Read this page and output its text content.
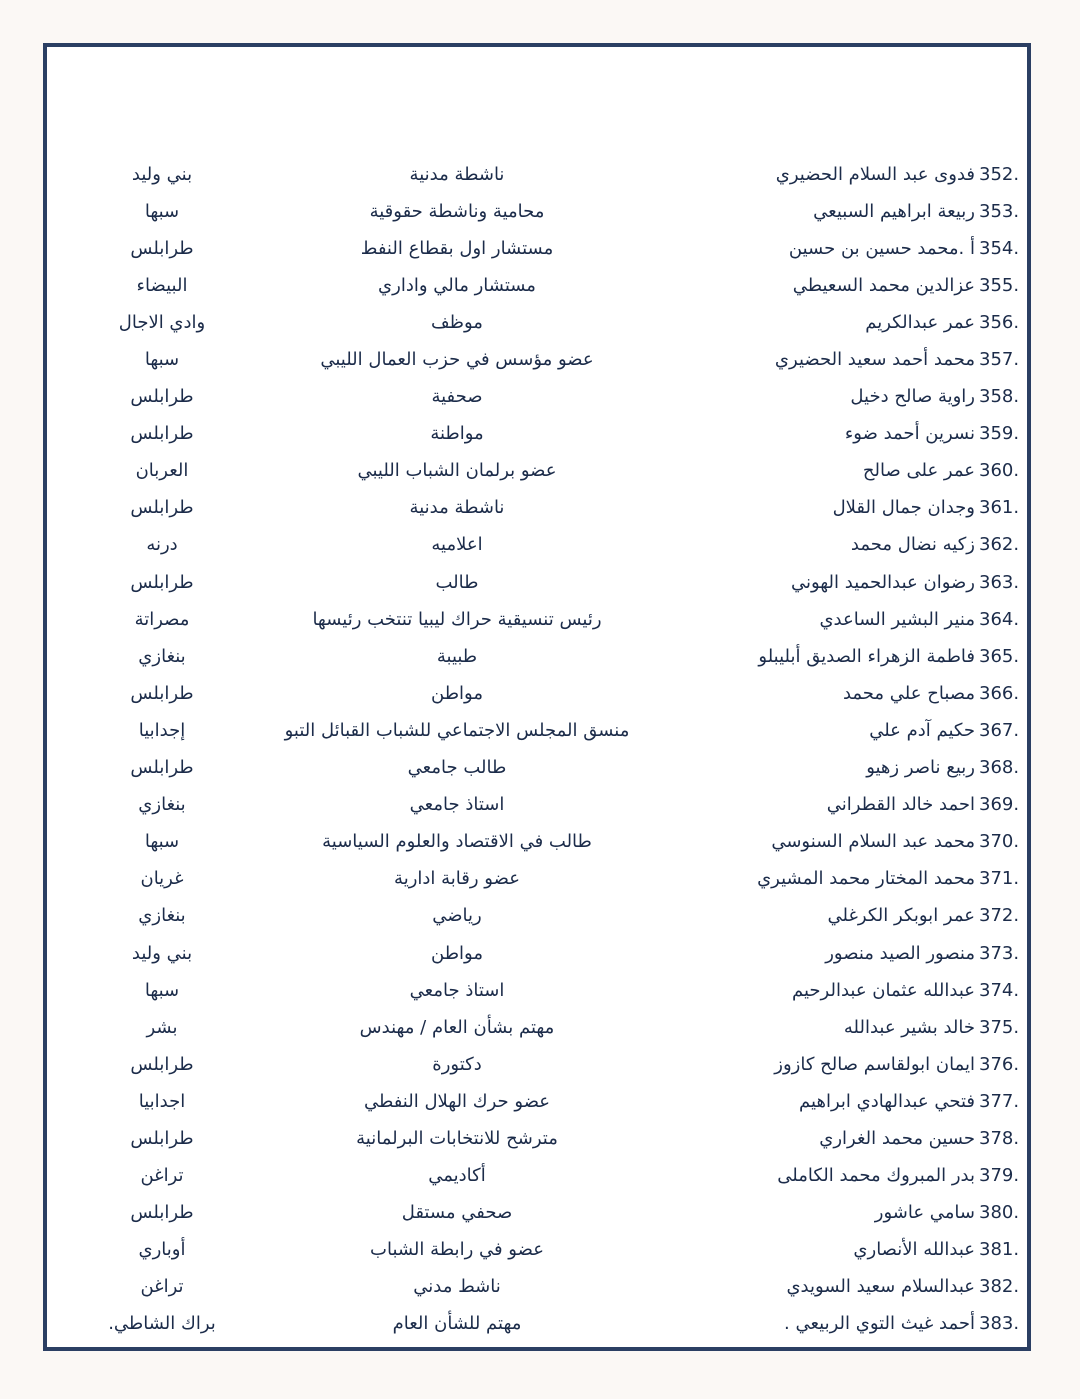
352.
فدوى عبد السلام الحضيري
ناشطة مدنية
بني وليد
353.
ربيعة ابراهيم السبيعي
محامية وناشطة حقوقية
سبها
354.
أ .محمد حسين بن حسين
مستشار اول بقطاع النفط
طرابلس
355.
عزالدين محمد السعيطي
مستشار مالي واداري
البيضاء
356.
عمر عبدالكريم
موظف
وادي الاجال
357.
محمد أحمد سعيد الحضيري
عضو مؤسس في حزب العمال الليبي
سبها
358.
راوية صالح دخيل
صحفية
طرابلس
359.
نسرين أحمد ضوء
مواطنة
طرابلس
360.
عمر على صالح
عضو برلمان الشباب الليبي
العربان
361.
وجدان جمال القلال
ناشطة مدنية
طرابلس
362.
زكيه نضال محمد
اعلاميه
درنه
363.
رضوان عبدالحميد الهوني
طالب
طرابلس
364.
منير البشير الساعدي
رئيس تنسيقية حراك ليبيا تنتخب رئيسها
مصراتة
365.
فاطمة الزهراء الصديق أبليبلو
طبيبة
بنغازي
366.
مصباح علي محمد
مواطن
طرابلس
367.
حكيم آدم علي
منسق المجلس الاجتماعي للشباب القبائل التبو
إجدابيا
368.
ربيع ناصر زهيو
طالب جامعي
طرابلس
369.
احمد خالد القطراني
استاذ جامعي
بنغازي
370.
محمد عبد السلام السنوسي
طالب في الاقتصاد والعلوم السياسية
سبها
371.
محمد المختار محمد المشيري
عضو رقابة ادارية
غريان
372.
عمر ابوبكر الكرغلي
رياضي
بنغازي
373.
منصور الصيد منصور
مواطن
بني وليد
374.
عبدالله عثمان عبدالرحيم
استاذ جامعي
سبها
375.
خالد بشير عبدالله
مهتم بشأن العام / مهندس
بشر
376.
ايمان ابولقاسم صالح كازوز
دكتورة
طرابلس
377.
فتحي عبدالهادي ابراهيم
عضو حرك الهلال النفطي
اجدابيا
378.
حسين محمد الغراري
مترشح للانتخابات البرلمانية
طرابلس
379.
بدر المبروك محمد الكاملى
أكاديمي
تراغن
380.
سامي عاشور
صحفي مستقل
طرابلس
381.
عبدالله الأنصاري
عضو في رابطة الشباب
أوباري
382.
عبدالسلام سعيد السويدي
ناشط مدني
تراغن
383.
أحمد غيث التوي الربيعي .
مهتم للشأن العام
براك الشاطي.
